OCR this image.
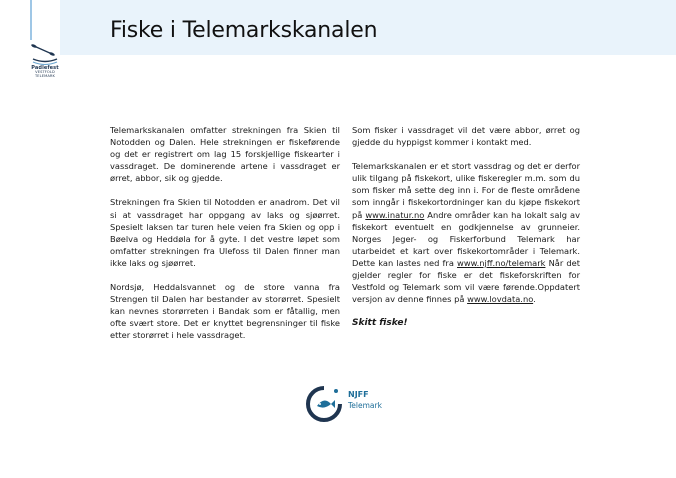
Padlefest
VESTFOLD
TELEMARK
Fiske i Telemarkskanalen

Telemarkskanalen omfatter strekningen fra Skien til Notodden og Dalen. Hele strekningen er fiskeførende og det er registrert om lag 15 forskjellige fiskearter i vassdraget. De dominerende artene i vassdraget er ørret, abbor, sik og gjedde.

Strekningen fra Skien til Notodden er anadrom. Det vil si at vassdraget har oppgang av laks og sjøørret. Spesielt laksen tar turen hele veien fra Skien og opp i Bøelva og Heddøla for å gyte. I det vestre løpet som omfatter strekningen fra Ulefoss til Dalen finner man ikke laks og sjøørret.

Nordsjø, Heddalsvannet og de store vanna fra Strengen til Dalen har bestander av storørret. Spesielt kan nevnes storørreten i Bandak som er fåtallig, men ofte svært store. Det er knyttet begrensninger til fiske etter storørret i hele vassdraget.

Som fisker i vassdraget vil det være abbor, ørret og gjedde du hyppigst kommer i kontakt med.

Telemarkskanalen er et stort vassdrag og det er derfor ulik tilgang på fiskekort, ulike fiskeregler m.m. som du som fisker må sette deg inn i. For de fleste områdene som inngår i fiskekortordninger kan du kjøpe fiskekort på www.inatur.no Andre områder kan ha lokalt salg av fiskekort eventuelt en godkjennelse av grunneier. Norges Jeger- og Fiskerforbund Telemark har utarbeidet et kart over fiskekortområder i Telemark. Dette kan lastes ned fra www.njff.no/telemark Når det gjelder regler for fiske er det fiskeforskriften for Vestfold og Telemark som vil være førende.Oppdatert versjon av denne finnes på www.lovdata.no.

Skitt fiske!

NJFF
Telemark
